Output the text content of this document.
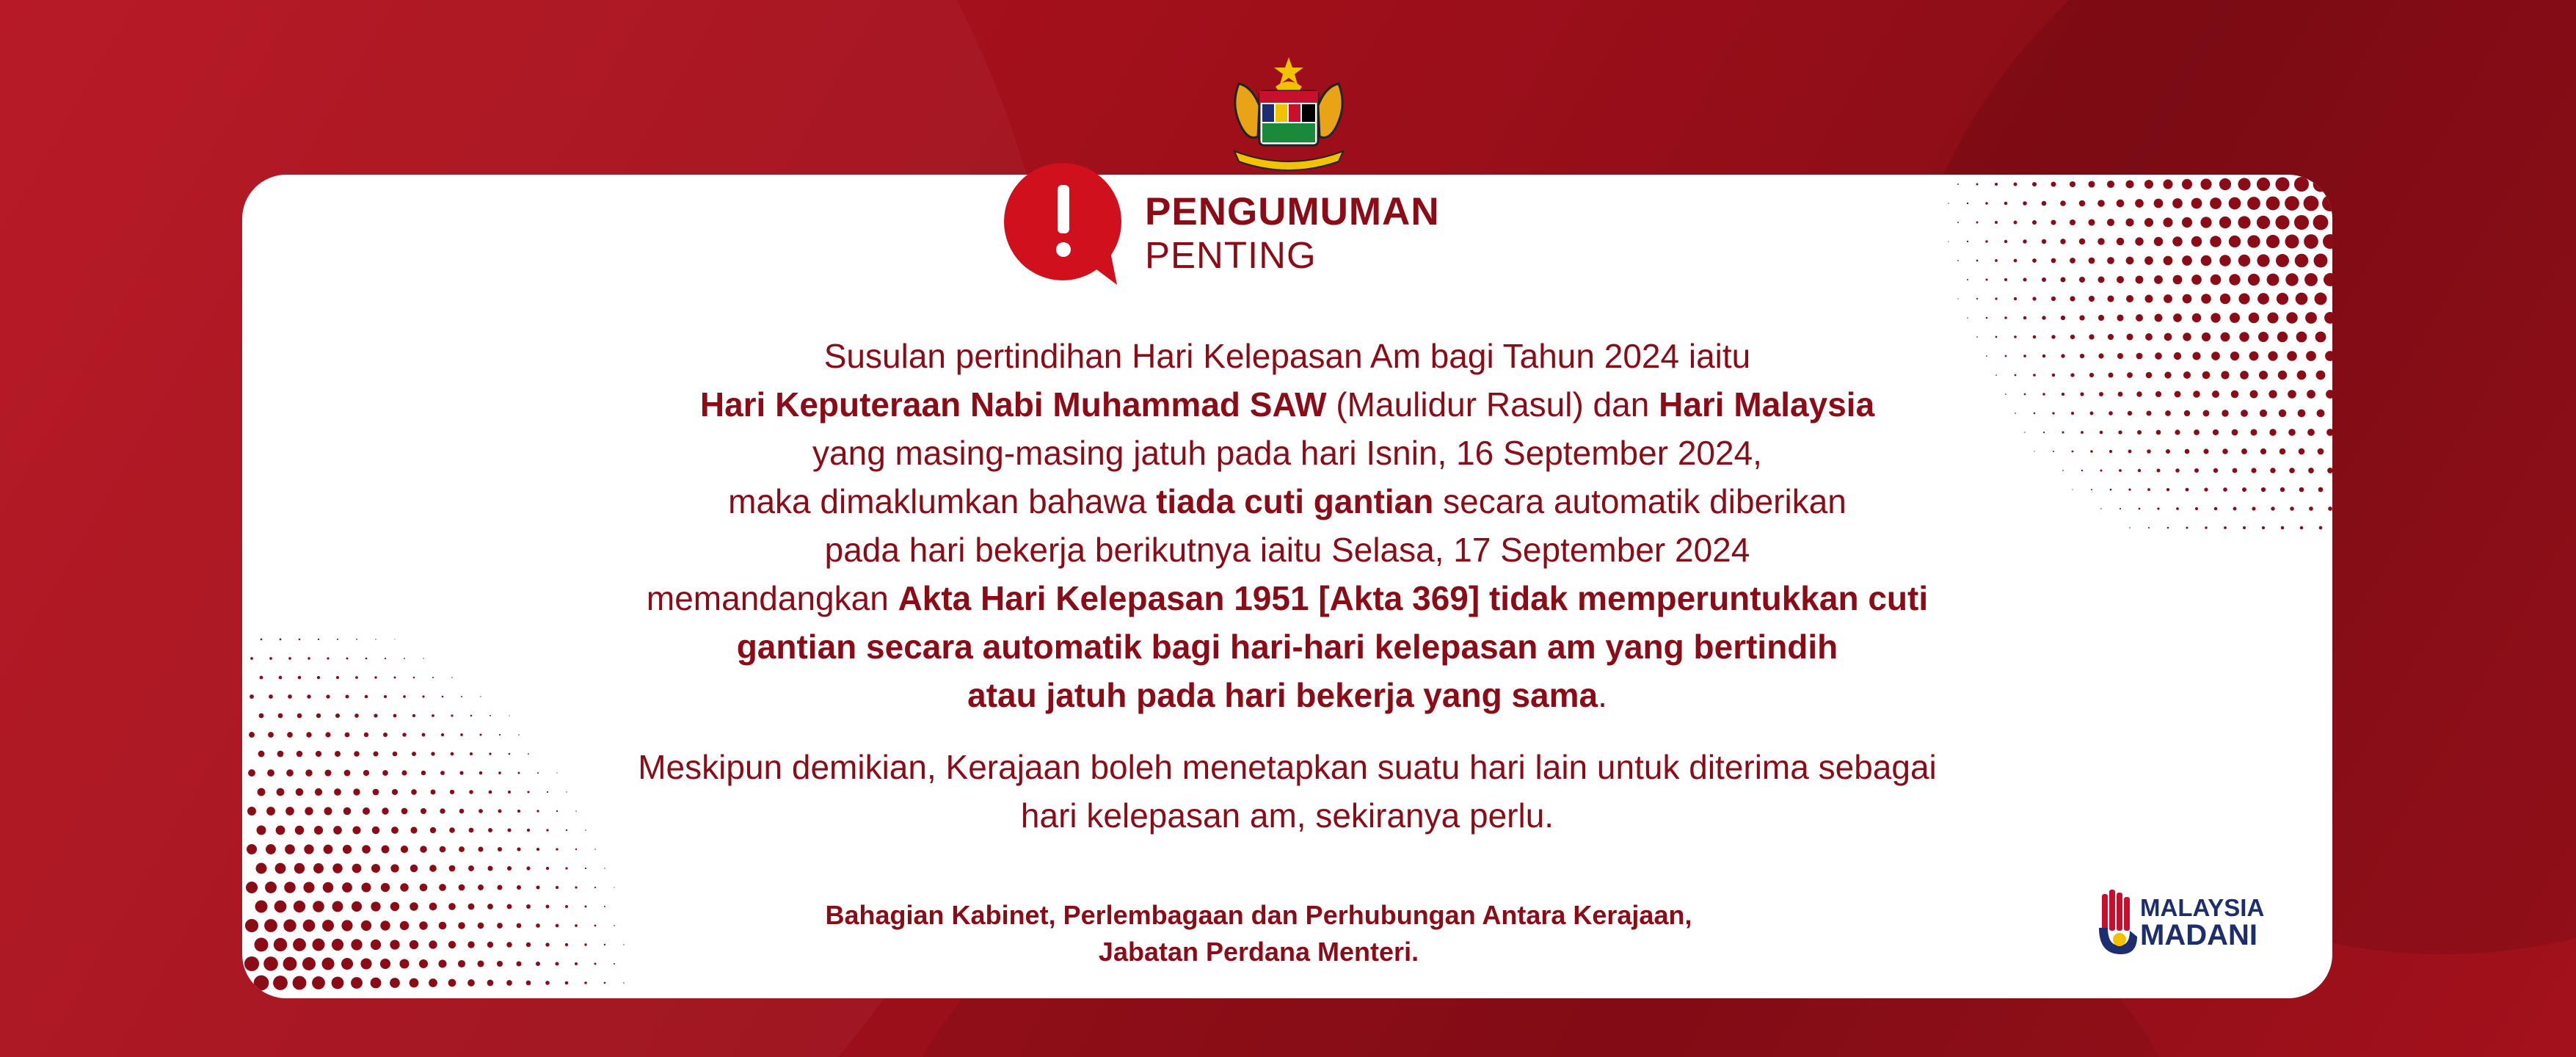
PENGUMUMAN
PENTING
Susulan pertindihan Hari Kelepasan Am bagi Tahun 2024 iaitu
Hari Keputeraan Nabi Muhammad SAW (Maulidur Rasul) dan Hari Malaysia
yang masing-masing jatuh pada hari Isnin, 16 September 2024,
maka dimaklumkan bahawa tiada cuti gantian secara automatik diberikan
pada hari bekerja berikutnya iaitu Selasa, 17 September 2024
memandangkan Akta Hari Kelepasan 1951 [Akta 369] tidak memperuntukkan cuti
gantian secara automatik bagi hari-hari kelepasan am yang bertindih
atau jatuh pada hari bekerja yang sama.
Meskipun demikian, Kerajaan boleh menetapkan suatu hari lain untuk diterima sebagai
hari kelepasan am, sekiranya perlu.
Bahagian Kabinet, Perlembagaan dan Perhubungan Antara Kerajaan,
Jabatan Perdana Menteri.
MALAYSIA
MADANI
